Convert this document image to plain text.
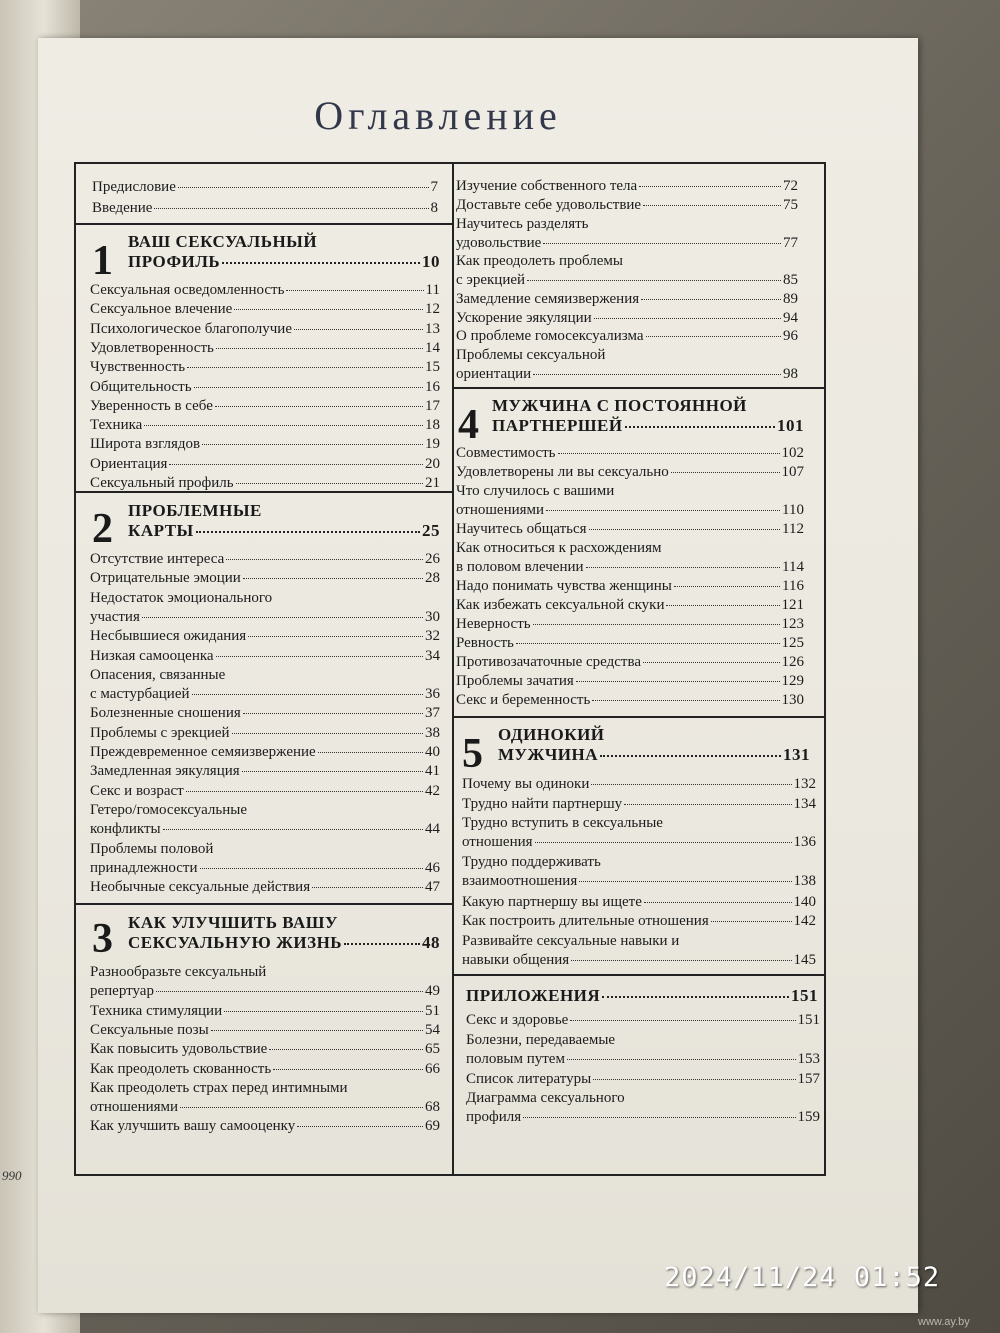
990
Оглавление
Предисловие	7
Введение	8
1 ВАШ СЕКСУАЛЬНЫЙ
ПРОФИЛЬ	10
Сексуальная осведомленность	11
Сексуальное влечение	12
Психологическое благополучие	13
Удовлетворенность	14
Чувственность	15
Общительность	16
Уверенность в себе	17
Техника	18
Широта взглядов	19
Ориентация	20
Сексуальный профиль	21
2 ПРОБЛЕМНЫЕ
КАРТЫ	25
Отсутствие интереса	26
Отрицательные эмоции	28
Недостаток эмоционального
участия	30
Несбывшиеся ожидания	32
Низкая самооценка	34
Опасения, связанные
с мастурбацией	36
Болезненные сношения	37
Проблемы с эрекцией	38
Преждевременное семяизвержение	40
Замедленная эякуляция	41
Секс и возраст	42
Гетеро/гомосексуальные
конфликты	44
Проблемы половой
принадлежности	46
Необычные сексуальные действия	47
3 КАК УЛУЧШИТЬ ВАШУ
СЕКСУАЛЬНУЮ ЖИЗНЬ	48
Разнообразьте сексуальный
репертуар	49
Техника стимуляции	51
Сексуальные позы	54
Как повысить удовольствие	65
Как преодолеть скованность	66
Как преодолеть страх перед интимными
отношениями	68
Как улучшить вашу самооценку	69
Изучение собственного тела	72
Доставьте себе удовольствие	75
Научитесь разделять
удовольствие	77
Как преодолеть проблемы
с эрекцией	85
Замедление семяизвержения	89
Ускорение эякуляции	94
О проблеме гомосексуализма	96
Проблемы сексуальной
ориентации	98
4 МУЖЧИНА С ПОСТОЯННОЙ
ПАРТНЕРШЕЙ	101
Совместимость	102
Удовлетворены ли вы сексуально	107
Что случилось с вашими
отношениями	110
Научитесь общаться	112
Как относиться к расхождениям
в половом влечении	114
Надо понимать чувства женщины	116
Как избежать сексуальной скуки	121
Неверность	123
Ревность	125
Противозачаточные средства	126
Проблемы зачатия	129
Секс и беременность	130
5 ОДИНОКИЙ
МУЖЧИНА	131
Почему вы одиноки	132
Трудно найти партнершу	134
Трудно вступить в сексуальные
отношения	136
Трудно поддерживать
взаимоотношения	138
Какую партнершу вы ищете	140
Как построить длительные отношения	142
Развивайте сексуальные навыки и
навыки общения	145
ПРИЛОЖЕНИЯ	151
Секс и здоровье	151
Болезни, передаваемые
половым путем	153
Список литературы	157
Диаграмма сексуального
профиля	159
2024/11/24 01:52
www.ay.by
